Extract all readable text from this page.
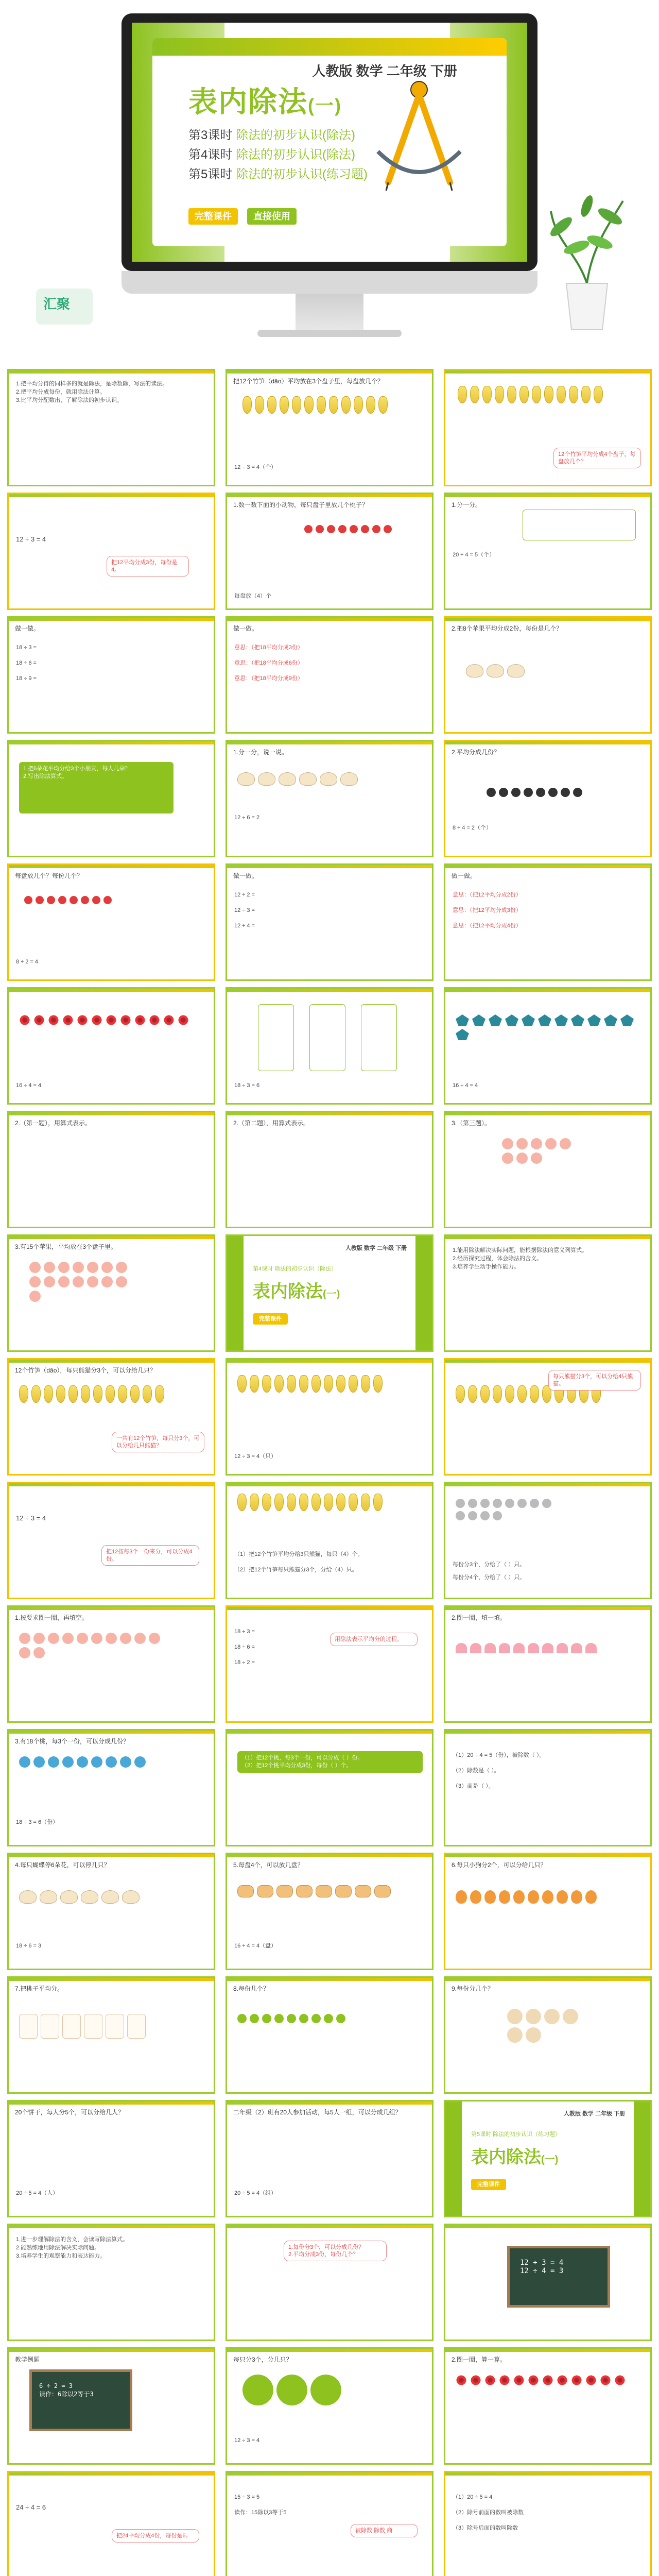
人教版 数学 二年级 下册
表内除法(一)
第3课时 除法的初步认识(除法)
第4课时 除法的初步认识(除法)
第5课时 除法的初步认识(练习题)
完整课件	直接使用
汇聚
1.把平均分得的同样多的就是除法，是除数除，写法的读法。
2.把平均分成每份，就用除法计算。
3.比平均分配数出，了解除法的初步认识。
把12个竹笋（dāo）平均放在3个盘子里，每盘放几个？
12 ÷ 3 = 4（个）
12个竹笋平均分成4个盘子，每盘放几个？
12 ÷ 3 = 4
把12平均分成3份，每份是4。
1.数一数下面的小动物，每只盘子里放几个桃子？
每盘放（4）个
1.分一分。
20 ÷ 4 = 5（个）
做一做。
18 ÷ 3 =
18 ÷ 6 =
18 ÷ 9 =
做一做。
意思：（把18平均分成3份）
意思：（把18平均分成6份）
意思：（把18平均分成9份）
2.把8个苹果平均分成2份，每份是几个？
1.把6朵花平均分给3个小朋友，每人几朵？
2.写出除法算式。
1.分一分，说一说。
12 ÷ 6 = 2
2.平均分成几份？
8 ÷ 4 = 2（个）
每盘放几个？每份几个？
8 ÷ 2 = 4
做一做。
12 ÷ 2 =
12 ÷ 3 =
12 ÷ 4 =
做一做。
意思：（把12平均分成2份）
意思：（把12平均分成3份）
意思：（把12平均分成4份）
16 ÷ 4 = 4	18 ÷ 3 = 6	16 ÷ 4 = 4
2.（第一题），用算式表示。	2.（第二题），用算式表示。	3.（第三题）。
3.有15个苹果，平均放在3个盘子里。	人教版 数学 二年级 下册
第4课时 除法的初步认识（除法）
表内除法(一)
完整课件
1.能用除法解决实际问题，能根据除法的意义列算式。
2.经历探究过程，体会除法的含义。
3.培养学生动手操作能力。
12个竹笋（dāo），每只熊猫分3个，可以分给几只？
一共有12个竹笋，每只分3个，可以分给几只熊猫？
12 ÷ 3 = 4（只）
每只熊猫分3个，可以分给4只熊猫。
12 ÷ 3 = 4
把12按每3个一份来分，可以分成4份。
（1）把12个竹笋平均分给3只熊猫，每只（4）个。
（2）把12个竹笋每只熊猫分3个，分给（4）只。
每份分3个，分给了（ ）只。
每份分4个，分给了（ ）只。
1.按要求圈一圈，再填空。
18 ÷ 3 =
18 ÷ 6 =
18 ÷ 2 =
用除法表示平均分的过程。
2.圈一圈，填一填。
3.有18个桃，每3个一份，可以分成几份？
18 ÷ 3 = 6（份）
（1）把12个桃，每3个一份，可以分成（ ）份。
（2）把12个桃平均分成3份，每份（ ）个。
（1）20 ÷ 4 = 5（份），被除数（ ）。
（2）除数是（ ）。
（3）商是（ ）。
4.每只蝴蝶停6朵花，可以停几只？
18 ÷ 6 = 3
5.每盘4个，可以放几盘？
16 ÷ 4 = 4（盘）
6.每只小狗分2个，可以分给几只？
7.把桃子平均分。	8.每份几个？	9.每份分几个？
20个饼干，每人分5个，可以分给几人？
20 ÷ 5 = 4（人）
二年级（2）班有20人参加活动，每5人一组，可以分成几组？
20 ÷ 5 = 4（组）
人教版 数学 二年级 下册
第5课时 除法的初步认识（练习题）
表内除法(一)
完整课件
1.进一步理解除法的含义，会读写除法算式。
2.能熟练地用除法解决实际问题。
3.培养学生的观察能力和表达能力。
1.每份分3个，可以分成几份？
2.平均分成3份，每份几个？
12 ÷ 3 = 4
12 ÷ 4 = 3
教学例题
6 ÷ 2 = 3
读作：6除以2等于3
每只分3个，分几只？
12 ÷ 3 = 4
2.圈一圈，算一算。
24 ÷ 4 = 6
把24平均分成4份，每份是6。
15 ÷ 3 = 5
读作：15除以3等于5
被除数 除数 商
（1）20 ÷ 5 = 4
（2）除号前面的数叫被除数
（3）除号后面的数叫除数
